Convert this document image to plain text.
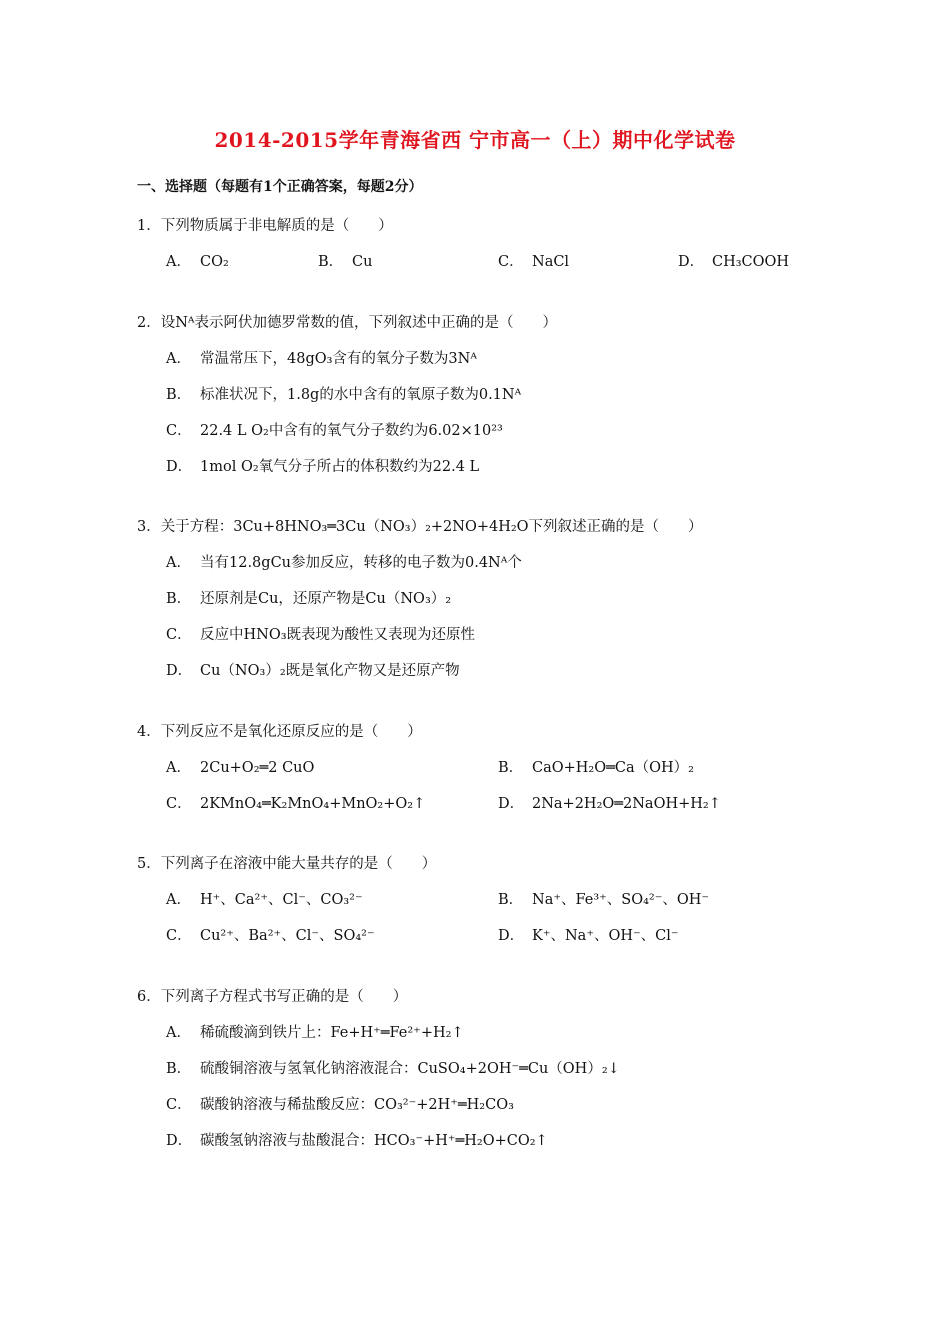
2014-2015学年青海省西 宁市高一（上）期中化学试卷
一、选择题（每题有1个正确答案，每题2分）
1．下列物质属于非电解质的是（　　）
A． CO₂	B． Cu	C． NaCl	D． CH₃COOH
2．设Nᴬ表示阿伏加德罗常数的值，下列叙述中正确的是（　　）
A． 常温常压下，48gO₃含有的氧分子数为3Nᴬ
B． 标准状况下，1.8g的水中含有的氧原子数为0.1Nᴬ
C． 22.4 L O₂中含有的氧气分子数约为6.02×10²³
D． 1mol O₂氧气分子所占的体积数约为22.4 L
3．关于方程：3Cu+8HNO₃═3Cu（NO₃）₂+2NO+4H₂O下列叙述正确的是（　　）
A． 当有12.8gCu参加反应，转移的电子数为0.4Nᴬ个
B． 还原剂是Cu，还原产物是Cu（NO₃）₂
C． 反应中HNO₃既表现为酸性又表现为还原性
D． Cu（NO₃）₂既是氧化产物又是还原产物
4．下列反应不是氧化还原反应的是（　　）
A． 2Cu+O₂═2 CuO	B． CaO+H₂O═Ca（OH）₂
C． 2KMnO₄═K₂MnO₄+MnO₂+O₂↑	D． 2Na+2H₂O═2NaOH+H₂↑
5．下列离子在溶液中能大量共存的是（　　）
A． H⁺、Ca²⁺、Cl⁻、CO₃²⁻	B． Na⁺、Fe³⁺、SO₄²⁻、OH⁻
C． Cu²⁺、Ba²⁺、Cl⁻、SO₄²⁻	D． K⁺、Na⁺、OH⁻、Cl⁻
6．下列离子方程式书写正确的是（　　）
A． 稀硫酸滴到铁片上：Fe+H⁺═Fe²⁺+H₂↑
B． 硫酸铜溶液与氢氧化钠溶液混合：CuSO₄+2OH⁻═Cu（OH）₂↓
C． 碳酸钠溶液与稀盐酸反应：CO₃²⁻+2H⁺═H₂CO₃
D． 碳酸氢钠溶液与盐酸混合：HCO₃⁻+H⁺═H₂O+CO₂↑
